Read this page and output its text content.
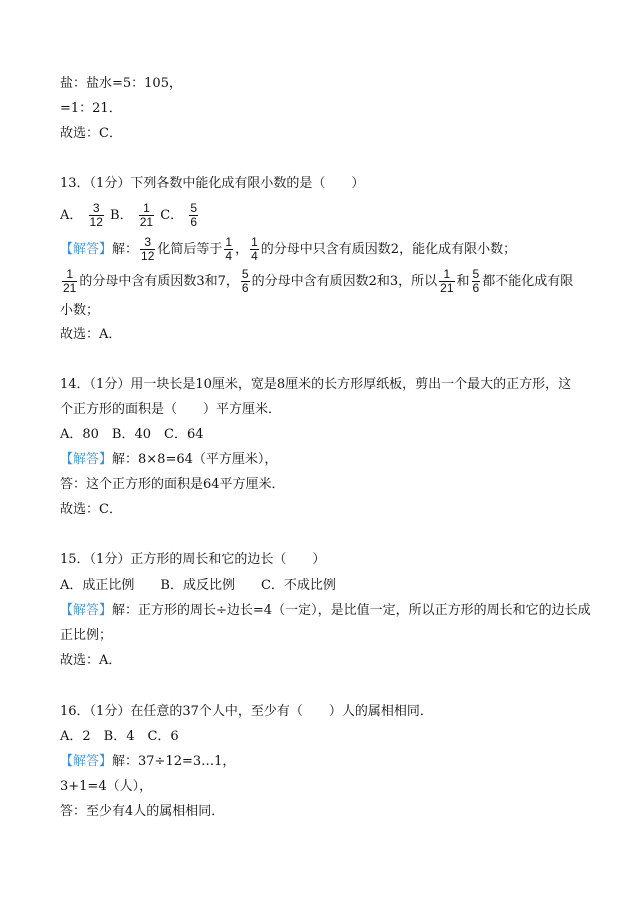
盐：盐水=5：105，
=1：21．
故选：C．
13．（1分）下列各数中能化成有限小数的是（　　）
A． $\frac{3}{12}$ B． $\frac{1}{21}$ C． $\frac{5}{6}$
【解答】解： $\frac{3}{12}$ 化简后等于 $\frac{1}{4}$ ， $\frac{1}{4}$ 的分母中只含有质因数2，能化成有限小数；
$\frac{1}{21}$ 的分母中含有质因数3和7， $\frac{5}{6}$ 的分母中含有质因数2和3，所以 $\frac{1}{21}$ 和 $\frac{5}{6}$ 都不能化成有限
小数；
故选：A．
14．（1分）用一块长是10厘米，宽是8厘米的长方形厚纸板，剪出一个最大的正方形，这
个正方形的面积是（　　）平方厘米．
A．80　B．40　C．64
【解答】解：8×8=64（平方厘米），
答：这个正方形的面积是64平方厘米．
故选：C．
15．（1分）正方形的周长和它的边长（　　）
A．成正比例　　B．成反比例　　C．不成比例
【解答】解：正方形的周长÷边长=4（一定），是比值一定，所以正方形的周长和它的边长成
正比例；
故选：A．
16．（1分）在任意的37个人中，至少有（　　）人的属相相同．
A．2　B．4　C．6
【解答】解：37÷12=3…1，
3+1=4（人），
答：至少有4人的属相相同．
